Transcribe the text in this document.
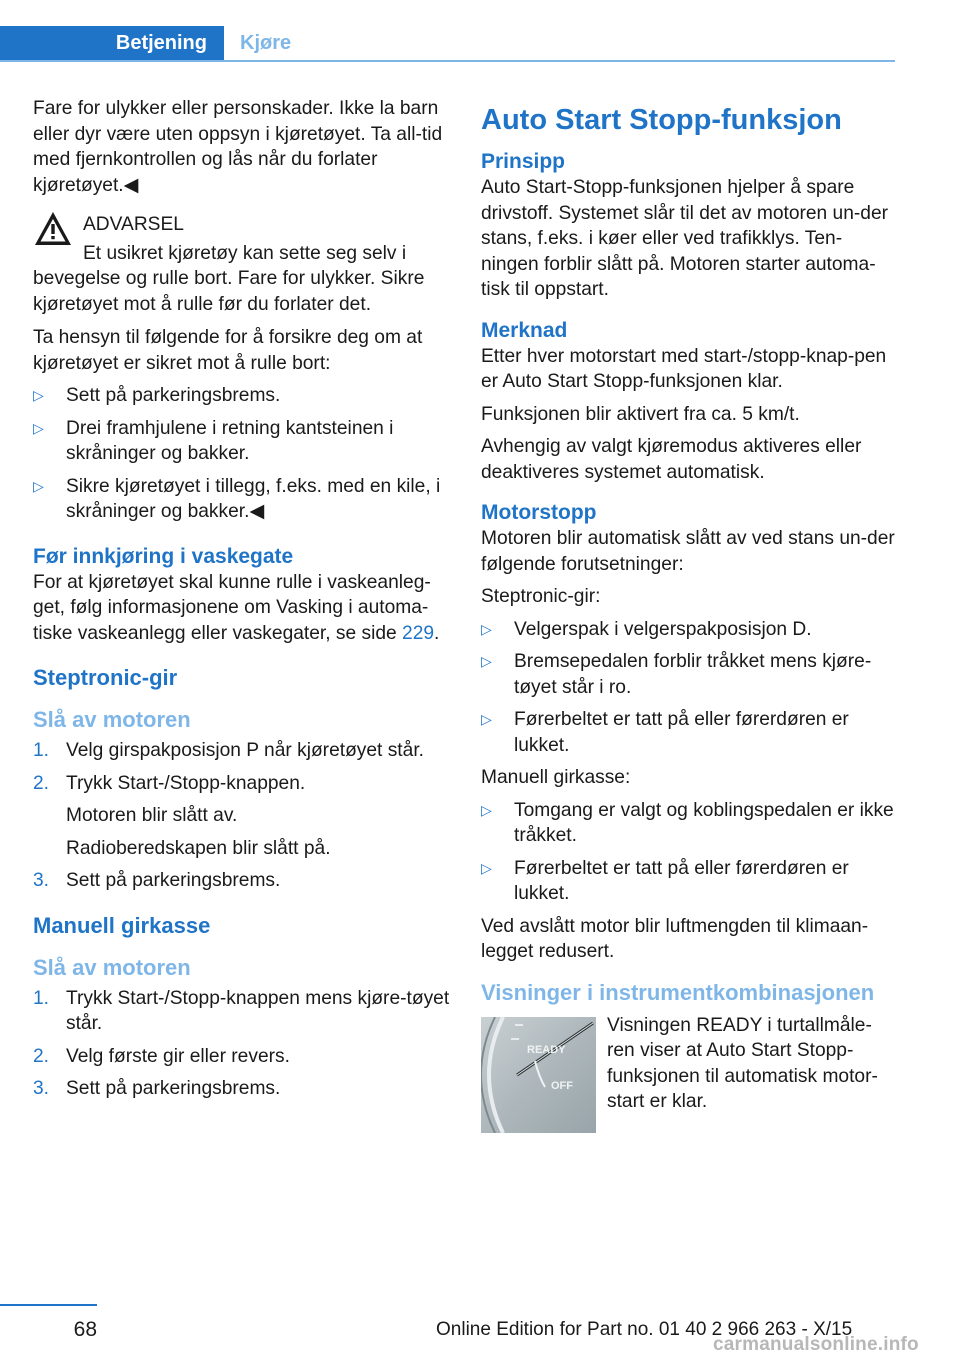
Betjening	Kjøre

Fare for ulykker eller personskader. Ikke la barn eller dyr være uten oppsyn i kjøretøyet. Ta all‐tid med fjernkontrollen og lås når du forlater kjøretøyet.◀

ADVARSEL
Et usikret kjøretøy kan sette seg selv i bevegelse og rulle bort. Fare for ulykker. Sikre kjøretøyet mot å rulle før du forlater det.

Ta hensyn til følgende for å forsikre deg om at kjøretøyet er sikret mot å rulle bort:

▷	Sett på parkeringsbrems.
▷	Drei framhjulene i retning kantsteinen i skråninger og bakker.
▷	Sikre kjøretøyet i tillegg, f.eks. med en kile, i skråninger og bakker.◀
Før innkjøring i vaskegate

For at kjøretøyet skal kunne rulle i vaskeanleg‐get, følg informasjonene om Vasking i automa‐tiske vaskeanlegg eller vaskegater, se side 229.

Steptronic-gir
Slå av motoren
1. Velg girspakposisjon P når kjøretøyet står.
2. Trykk Start-/Stopp-knappen.
Motoren blir slått av.
Radioberedskapen blir slått på.
3. Sett på parkeringsbrems.
Manuell girkasse
Slå av motoren
1. Trykk Start-/Stopp-knappen mens kjøre‐tøyet står.
2. Velg første gir eller revers.
3. Sett på parkeringsbrems.
Auto Start Stopp-funksjon
Prinsipp

Auto Start-Stopp-funksjonen hjelper å spare drivstoff. Systemet slår til det av motoren un‐der stans, f.eks. i køer eller ved trafikklys. Ten‐ningen forblir slått på. Motoren starter automa‐tisk til oppstart.

Merknad

Etter hver motorstart med start-/stopp-knap‐pen er Auto Start Stopp-funksjonen klar.

Funksjonen blir aktivert fra ca. 5 km/t.

Avhengig av valgt kjøremodus aktiveres eller deaktiveres systemet automatisk.

Motorstopp

Motoren blir automatisk slått av ved stans un‐der følgende forutsetninger:

Steptronic-gir:

▷	Velgerspak i velgerspakposisjon D.
▷	Bremsepedalen forblir tråkket mens kjøre‐tøyet står i ro.
▷	Førerbeltet er tatt på eller førerdøren er lukket.

Manuell girkasse:

▷	Tomgang er valgt og koblingspedalen er ikke tråkket.
▷	Førerbeltet er tatt på eller førerdøren er lukket.

Ved avslått motor blir luftmengden til klimaan‐legget redusert.

Visninger i instrumentkombinasjonen
READY
OFF
Visningen READY i turtallmåle‐ren viser at Auto Start Stopp-funksjonen til automatisk motor‐start er klar.
68	Online Edition for Part no. 01 40 2 966 263 - X/15
carmanualsonline.info
